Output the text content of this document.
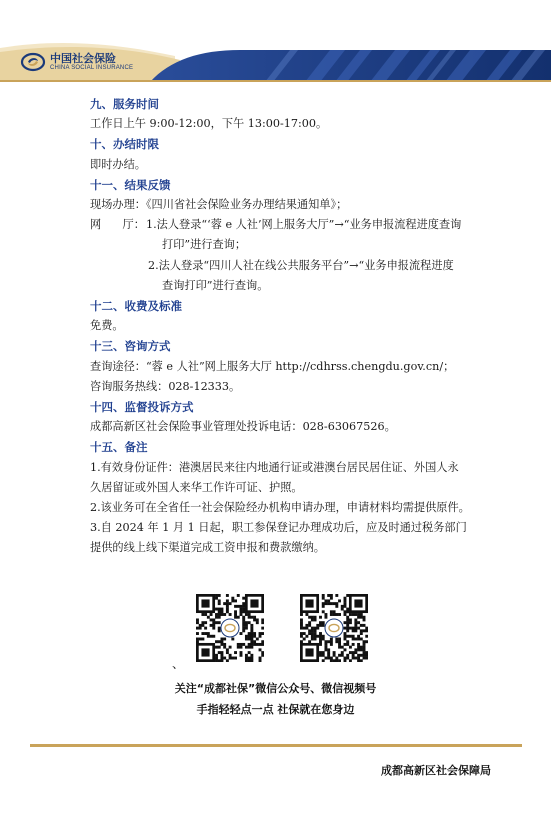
中国社会保险
CHINA SOCIAL INSURANCE
九、服务时间
工作日上午 9:00-12:00，下午 13:00-17:00。
十、办结时限
即时办结。
十一、结果反馈
现场办理：《四川省社会保险业务办理结果通知单》；
网      厅： 1.法人登录“‘蓉 e 人社’网上服务大厅”→“业务申报流程进度查询
打印”进行查询；
2.法人登录“四川人社在线公共服务平台”→“业务申报流程进度
查询打印”进行查询。
十二、收费及标准
免费。
十三、咨询方式
查询途径：“蓉 e 人社”网上服务大厅 http://cdhrss.chengdu.gov.cn/；
咨询服务热线：028-12333。
十四、监督投诉方式
成都高新区社会保险事业管理处投诉电话：028-63067526。
十五、备注
1.有效身份证件：港澳居民来往内地通行证或港澳台居民居住证、外国人永
久居留证或外国人来华工作许可证、护照。
2.该业务可在全省任一社会保险经办机构申请办理，申请材料均需提供原件。
3.自 2024 年 1 月 1 日起，职工参保登记办理成功后，应及时通过税务部门
提供的线上线下渠道完成工资申报和费款缴纳。
、
关注“成都社保”微信公众号、微信视频号
手指轻轻点一点 社保就在您身边
成都高新区社会保障局
